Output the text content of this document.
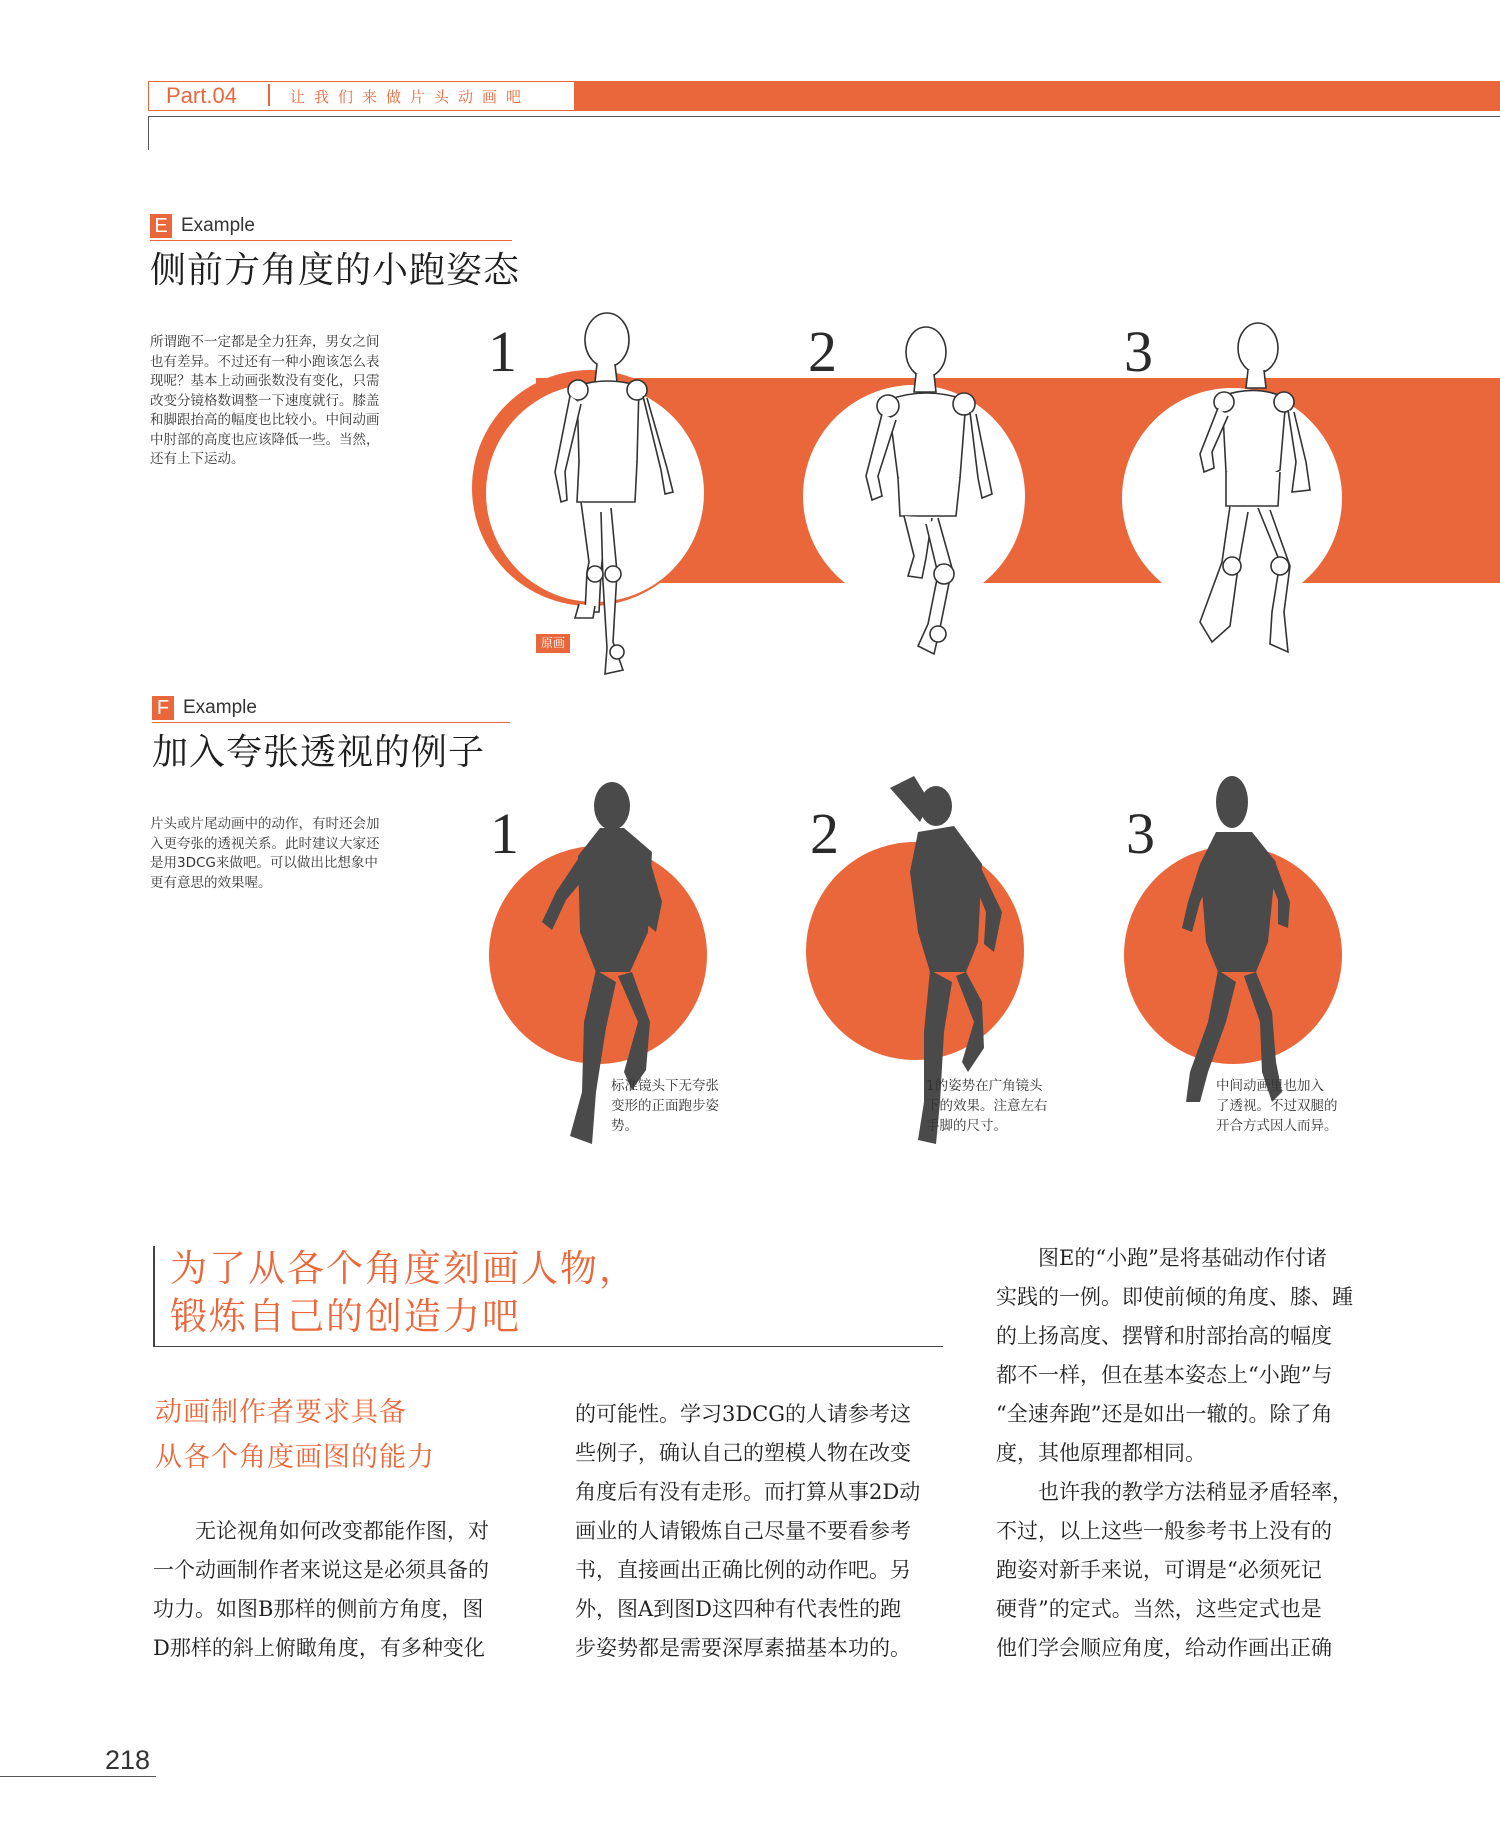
Part.04	让我们来做片头动画吧
E Example
侧前方角度的小跑姿态
所谓跑不一定都是全力狂奔，男女之间
也有差异。不过还有一种小跑该怎么表
现呢？基本上动画张数没有变化，只需
改变分镜格数调整一下速度就行。膝盖
和脚跟抬高的幅度也比较小。中间动画
中肘部的高度也应该降低一些。当然，
还有上下运动。
1	2	3
原画
F Example
加入夸张透视的例子
片头或片尾动画中的动作，有时还会加
入更夸张的透视关系。此时建议大家还
是用3DCG来做吧。可以做出比想象中
更有意思的效果喔。
1	2	3
标准镜头下无夸张
变形的正面跑步姿
势。
1的姿势在广角镜头
下的效果。注意左右
手脚的尺寸。
中间动画里也加入
了透视。不过双腿的
开合方式因人而异。
为了从各个角度刻画人物，
锻炼自己的创造力吧
动画制作者要求具备
从各个角度画图的能力
无论视角如何改变都能作图，对
一个动画制作者来说这是必须具备的
功力。如图B那样的侧前方角度，图
D那样的斜上俯瞰角度，有多种变化
的可能性。学习3DCG的人请参考这
些例子，确认自己的塑模人物在改变
角度后有没有走形。而打算从事2D动
画业的人请锻炼自己尽量不要看参考
书，直接画出正确比例的动作吧。另
外，图A到图D这四种有代表性的跑
步姿势都是需要深厚素描基本功的。
图E的“小跑”是将基础动作付诸
实践的一例。即使前倾的角度、膝、踵
的上扬高度、摆臂和肘部抬高的幅度
都不一样，但在基本姿态上“小跑”与
“全速奔跑”还是如出一辙的。除了角
度，其他原理都相同。
也许我的教学方法稍显矛盾轻率，
不过，以上这些一般参考书上没有的
跑姿对新手来说，可谓是“必须死记
硬背”的定式。当然，这些定式也是
他们学会顺应角度，给动作画出正确
218
